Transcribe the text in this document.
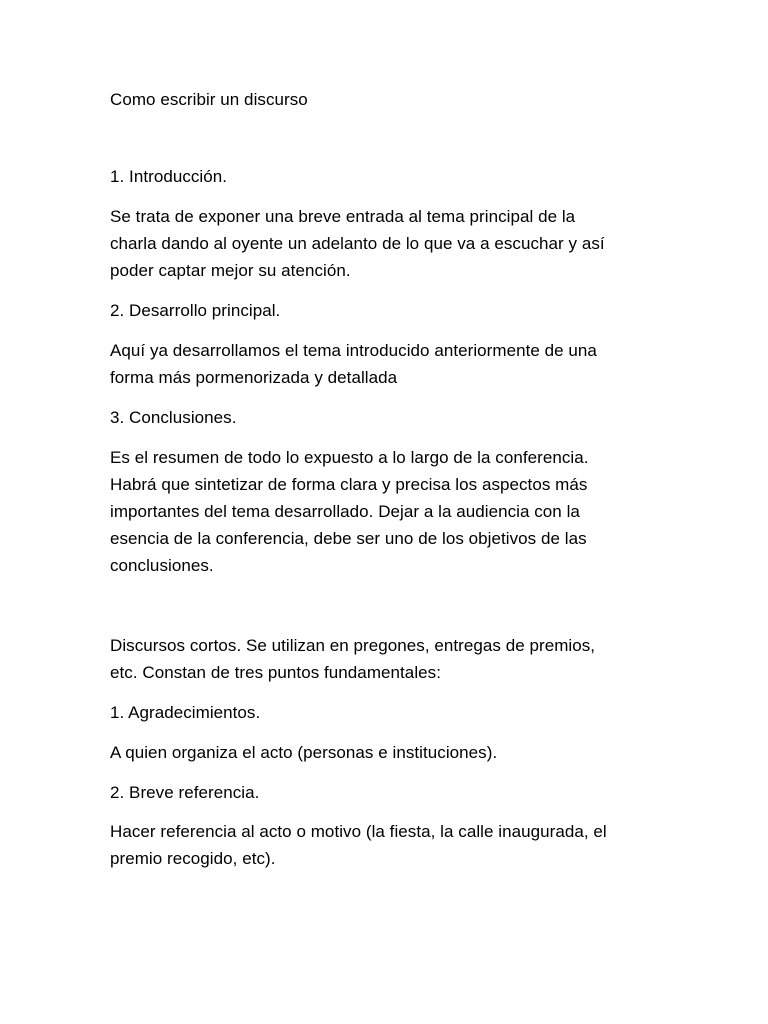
Como escribir un discurso
1. Introducción.
Se trata de exponer una breve entrada al tema principal de la
charla dando al oyente un adelanto de lo que va a escuchar y así
poder captar mejor su atención.
2. Desarrollo principal.
Aquí ya desarrollamos el tema introducido anteriormente de una
forma más pormenorizada y detallada
3. Conclusiones.
Es el resumen de todo lo expuesto a lo largo de la conferencia.
Habrá que sintetizar de forma clara y precisa los aspectos más
importantes del tema desarrollado. Dejar a la audiencia con la
esencia de la conferencia, debe ser uno de los objetivos de las
conclusiones.
Discursos cortos. Se utilizan en pregones, entregas de premios,
etc. Constan de tres puntos fundamentales:
1. Agradecimientos.
A quien organiza el acto (personas e instituciones).
2. Breve referencia.
Hacer referencia al acto o motivo (la fiesta, la calle inaugurada, el
premio recogido, etc).
